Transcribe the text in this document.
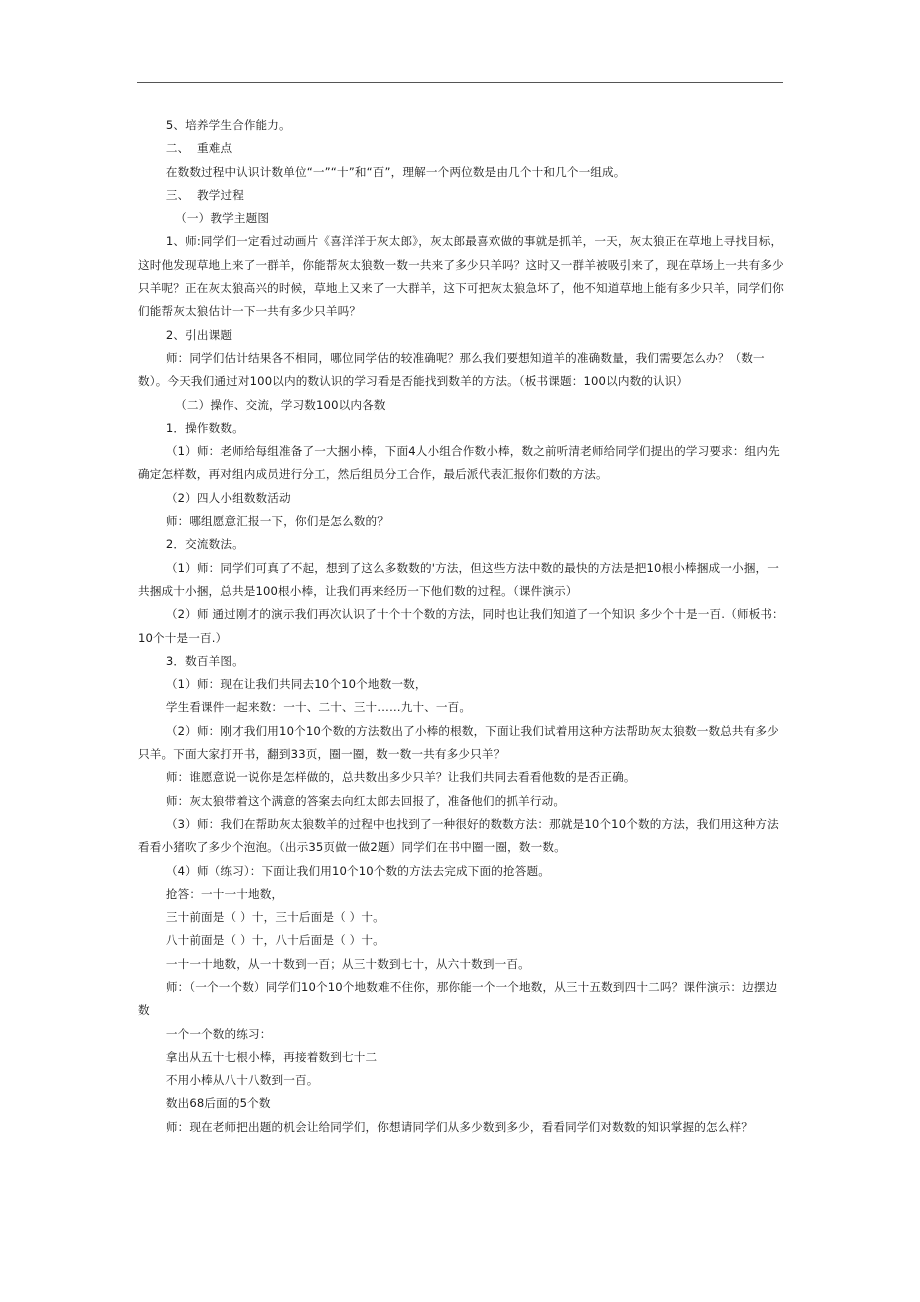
5、培养学生合作能力。

二、  重难点

在数数过程中认识计数单位“一”“十”和“百”，理解一个两位数是由几个十和几个一组成。

三、  教学过程

（一）教学主题图

1、师:同学们一定看过动画片《喜洋洋于灰太郎》，灰太郎最喜欢做的事就是抓羊，一天，灰太狼正在草地上寻找目标，这时他发现草地上来了一群羊，你能帮灰太狼数一数一共来了多少只羊吗？这时又一群羊被吸引来了，现在草场上一共有多少只羊呢？正在灰太狼高兴的时候，草地上又来了一大群羊，这下可把灰太狼急坏了，他不知道草地上能有多少只羊，同学们你们能帮灰太狼估计一下一共有多少只羊吗？

2、引出课题

师：同学们估计结果各不相同，哪位同学估的较准确呢？那么我们要想知道羊的准确数量，我们需要怎么办？（数一数）。今天我们通过对100以内的数认识的学习看是否能找到数羊的方法。（板书课题：100以内数的认识）

（二）操作、交流，学习数100以内各数

1．操作数数。

（1）师：老师给每组准备了一大捆小棒，下面4人小组合作数小棒，数之前听清老师给同学们提出的学习要求：组内先确定怎样数，再对组内成员进行分工，然后组员分工合作，最后派代表汇报你们数的方法。

（2）四人小组数数活动

师：哪组愿意汇报一下，你们是怎么数的？

2．交流数法。

（1）师：同学们可真了不起，想到了这么多数数的'方法，但这些方法中数的最快的方法是把10根小棒捆成一小捆，一共捆成十小捆，总共是100根小棒，让我们再来经历一下他们数的过程。（课件演示）

（2）师 通过刚才的演示我们再次认识了十个十个数的方法，同时也让我们知道了一个知识 多少个十是一百.（师板书：10个十是一百.）

3．数百羊图。

（1）师：现在让我们共同去10个10个地数一数，

学生看课件一起来数：一十、二十、三十……九十、一百。

（2）师：刚才我们用10个10个数的方法数出了小棒的根数，下面让我们试着用这种方法帮助灰太狼数一数总共有多少只羊。下面大家打开书，翻到33页，圈一圈，数一数一共有多少只羊？

师：谁愿意说一说你是怎样做的，总共数出多少只羊？让我们共同去看看他数的是否正确。

师：灰太狼带着这个满意的答案去向红太郎去回报了，准备他们的抓羊行动。

（3）师：我们在帮助灰太狼数羊的过程中也找到了一种很好的数数方法：那就是10个10个数的方法，我们用这种方法看看小猪吹了多少个泡泡。（出示35页做一做2题）同学们在书中圈一圈，数一数。

（4）师（练习）：下面让我们用10个10个数的方法去完成下面的抢答题。

抢答：一十一十地数，

三十前面是（ ）十，三十后面是（ ）十。

八十前面是（ ）十，八十后面是（ ）十。

一十一十地数，从一十数到一百；从三十数到七十，从六十数到一百。

师：（一个一个数）同学们10个10个地数难不住你，那你能一个一个地数，从三十五数到四十二吗？课件演示：边摆边数

一个一个数的练习：

拿出从五十七根小棒，再接着数到七十二

不用小棒从八十八数到一百。

数出68后面的5个数

师：现在老师把出题的机会让给同学们，你想请同学们从多少数到多少，看看同学们对数数的知识掌握的怎么样？
